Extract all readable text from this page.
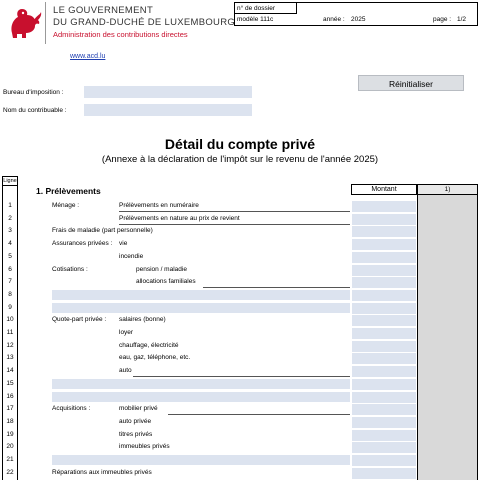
LE GOUVERNEMENT
DU GRAND-DUCHÉ DE LUXEMBOURG
Administration des contributions directes
www.acd.lu
n° de dossier
modèle 111c	année : 2025	page : 1/2
Réinitialiser
Bureau d'imposition :
Nom du contribuable :
Détail du compte privé
(Annexe à la déclaration de l'impôt sur le revenu de l'année 2025)
Ligne
1. Prélèvements	Montant	1)
1	Ménage :	Prélèvements en numéraire
2	Prélèvements en nature au prix de revient
3	Frais de maladie (part personnelle)
4	Assurances privées : vie
5	incendie
6	Cotisations :	pension / maladie
7	allocations familiales
8
9
10	Quote-part privée : salaires (bonne)
11	loyer
12	chauffage, électricité
13	eau, gaz, téléphone, etc.
14	auto
15
16
17	Acquisitions :	mobilier privé
18	auto privée
19	titres privés
20	immeubles privés
21
22	Réparations aux immeubles privés
